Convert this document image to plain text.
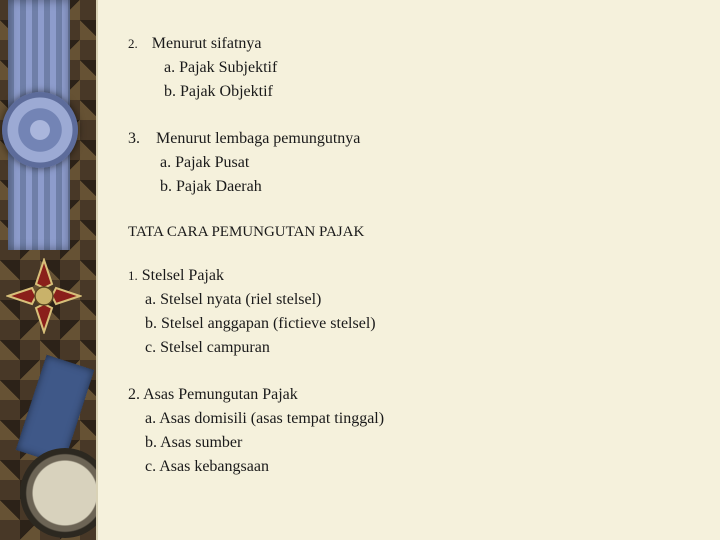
2. Menurut sifatnya
a. Pajak Subjektif
b. Pajak Objektif
3. Menurut lembaga pemungutnya
a. Pajak Pusat
b. Pajak Daerah
TATA CARA PEMUNGUTAN PAJAK
1. Stelsel Pajak
a. Stelsel nyata (riel stelsel)
b. Stelsel anggapan (fictieve stelsel)
c. Stelsel campuran
2. Asas Pemungutan Pajak
a. Asas domisili (asas tempat tinggal)
b. Asas sumber
c. Asas kebangsaan
